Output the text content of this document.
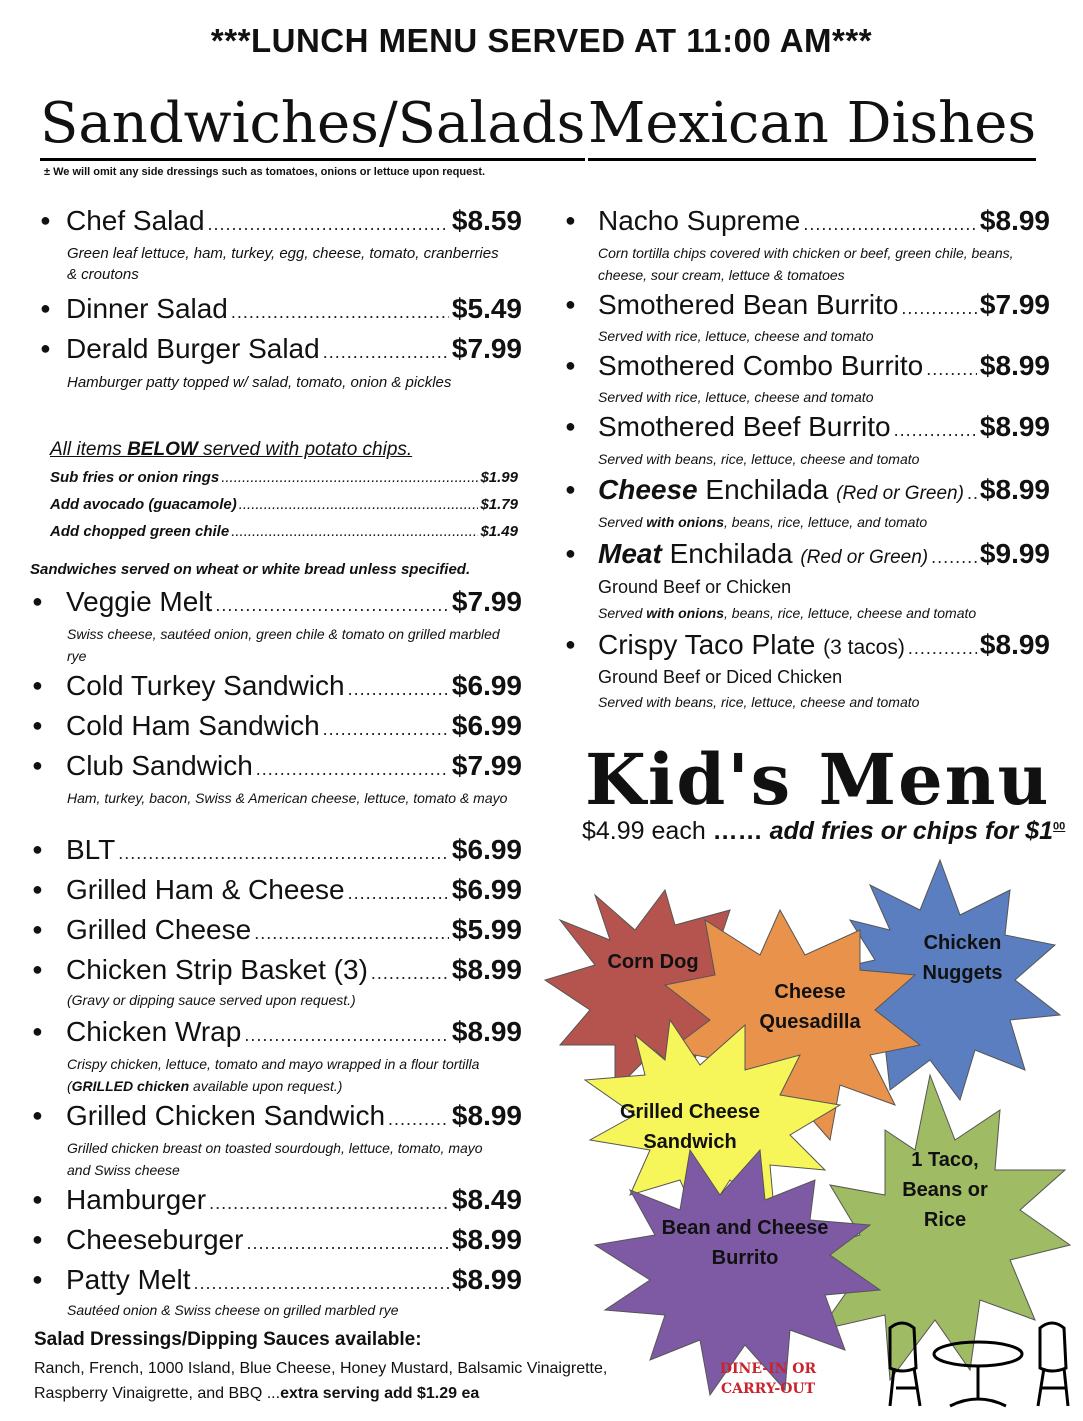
***LUNCH MENU SERVED AT 11:00 AM***
Sandwiches/Salads
± We will omit any side dressings such as tomatoes, onions or lettuce upon request.
Mexican Dishes
● Chef Salad .....	$8.59
Green leaf lettuce, ham, turkey, egg, cheese, tomato, cranberries & croutons
● Dinner Salad .....	$5.49
● Derald Burger Salad .....	$7.99
Hamburger patty topped w/ salad, tomato, onion & pickles
All items BELOW served with potato chips.
Sub fries or onion rings .....	$1.99
Add avocado (guacamole) .....	$1.79
Add chopped green chile .....	$1.49
Sandwiches served on wheat or white bread unless specified.
● Veggie Melt .....	$7.99
Swiss cheese, sautéed onion, green chile & tomato on grilled marbled rye
● Cold Turkey Sandwich .....	$6.99
● Cold Ham Sandwich .....	$6.99
● Club Sandwich .....	$7.99
Ham, turkey, bacon, Swiss & American cheese, lettuce, tomato & mayo
● BLT .....	$6.99
● Grilled Ham & Cheese .....	$6.99
● Grilled Cheese .....	$5.99
● Chicken Strip Basket (3) .....	$8.99
(Gravy or dipping sauce served upon request.)
● Chicken Wrap .....	$8.99
Crispy chicken, lettuce, tomato and mayo wrapped in a flour tortilla (GRILLED chicken available upon request.)
● Grilled Chicken Sandwich ..... $8.99
Grilled chicken breast on toasted sourdough, lettuce, tomato, mayo and Swiss cheese
● Hamburger .....	$8.49
● Cheeseburger .....	$8.99
● Patty Melt .....	$8.99
Sautéed onion & Swiss cheese on grilled marbled rye
Salad Dressings/Dipping Sauces available:
Ranch, French, 1000 Island, Blue Cheese, Honey Mustard, Balsamic Vinaigrette, Raspberry Vinaigrette, and BBQ ...extra serving add $1.29 ea
● Nacho Supreme .....	$8.99
Corn tortilla chips covered with chicken or beef, green chile, beans, cheese, sour cream, lettuce & tomatoes
● Smothered Bean Burrito .....	$7.99
Served with rice, lettuce, cheese and tomato
● Smothered Combo Burrito ..... $8.99
Served with rice, lettuce, cheese and tomato
● Smothered Beef Burrito .....	$8.99
Served with beans, rice, lettuce, cheese and tomato
● Cheese Enchilada (Red or Green) ..... $8.99
Served with onions, beans, rice, lettuce, and tomato
● Meat Enchilada (Red or Green) ..... $9.99
Ground Beef or Chicken
Served with onions, beans, rice, lettuce, cheese and tomato
● Crispy Taco Plate (3 tacos) .....	$8.99
Ground Beef or Diced Chicken
Served with beans, rice, lettuce, cheese and tomato
Kid's Menu
$4.99 each …… add fries or chips for $\$1^{00}$
Corn Dog
Cheese Quesadilla
Chicken Nuggets
Grilled Cheese Sandwich
1 Taco, Beans or Rice
Bean and Cheese Burrito
DINE-IN OR CARRY-OUT
